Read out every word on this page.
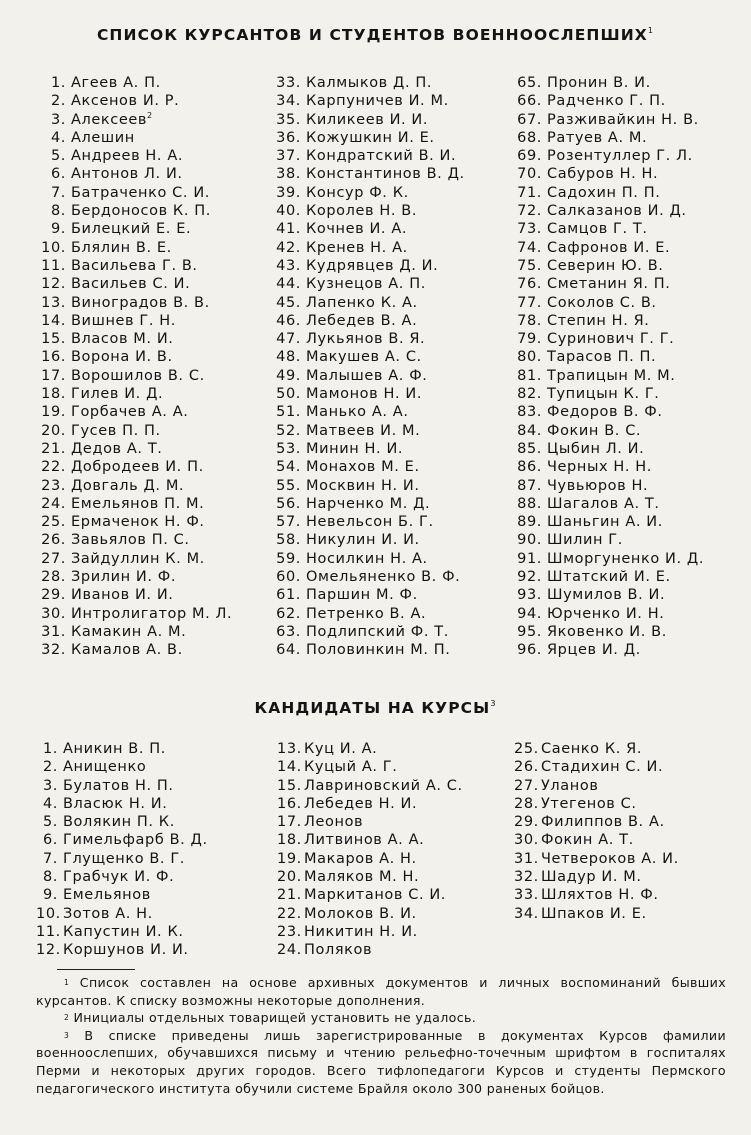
СПИСОК КУРСАНТОВ И СТУДЕНТОВ ВОЕННООСЛЕПШИХ$^1$
1. Агеев А. П.
2. Аксенов И. Р.
3. Алексеев$^2$
4. Алешин
5. Андреев Н. А.
6. Антонов Л. И.
7. Батраченко С. И.
8. Бердоносов К. П.
9. Билецкий Е. Е.
10. Блялин В. Е.
11. Васильева Г. В.
12. Васильев С. И.
13. Виноградов В. В.
14. Вишнев Г. Н.
15. Власов М. И.
16. Ворона И. В.
17. Ворошилов В. С.
18. Гилев И. Д.
19. Горбачев А. А.
20. Гусев П. П.
21. Дедов А. Т.
22. Добродеев И. П.
23. Довгаль Д. М.
24. Емельянов П. М.
25. Ермаченок Н. Ф.
26. Завьялов П. С.
27. Зайдуллин К. М.
28. Зрилин И. Ф.
29. Иванов И. И.
30. Интролигатор М. Л.
31. Камакин А. М.
32. Камалов А. В.
33. Калмыков Д. П.
34. Карпуничев И. М.
35. Киликеев И. И.
36. Кожушкин И. Е.
37. Кондратский В. И.
38. Константинов В. Д.
39. Консур Ф. К.
40. Королев Н. В.
41. Кочнев И. А.
42. Кренев Н. А.
43. Кудрявцев Д. И.
44. Кузнецов А. П.
45. Лапенко К. А.
46. Лебедев В. А.
47. Лукьянов В. Я.
48. Макушев А. С.
49. Малышев А. Ф.
50. Мамонов Н. И.
51. Манько А. А.
52. Матвеев И. М.
53. Минин Н. И.
54. Монахов М. Е.
55. Москвин Н. И.
56. Нарченко М. Д.
57. Невельсон Б. Г.
58. Никулин И. И.
59. Носилкин Н. А.
60. Омельяненко В. Ф.
61. Паршин М. Ф.
62. Петренко В. А.
63. Подлипский Ф. Т.
64. Половинкин М. П.
65. Пронин В. И.
66. Радченко Г. П.
67. Разживайкин Н. В.
68. Ратуев А. М.
69. Розентуллер Г. Л.
70. Сабуров Н. Н.
71. Садохин П. П.
72. Салказанов И. Д.
73. Самцов Г. Т.
74. Сафронов И. Е.
75. Северин Ю. В.
76. Сметанин Я. П.
77. Соколов С. В.
78. Степин Н. Я.
79. Суринович Г. Г.
80. Тарасов П. П.
81. Трапицын М. М.
82. Тупицын К. Г.
83. Федоров В. Ф.
84. Фокин В. С.
85. Цыбин Л. И.
86. Черных Н. Н.
87. Чувьюров Н.
88. Шагалов А. Т.
89. Шаньгин А. И.
90. Шилин Г.
91. Шморгуненко И. Д.
92. Штатский И. Е.
93. Шумилов В. И.
94. Юрченко И. Н.
95. Яковенко И. В.
96. Ярцев И. Д.
КАНДИДАТЫ НА КУРСЫ$^3$
1. Аникин В. П.
2. Анищенко
3. Булатов Н. П.
4. Власюк Н. И.
5. Волякин П. К.
6. Гимельфарб В. Д.
7. Глущенко В. Г.
8. Грабчук И. Ф.
9. Емельянов
10. Зотов А. Н.
11. Капустин И. К.
12. Коршунов И. И.
13. Куц И. А.
14. Куцый А. Г.
15. Лавриновский А. С.
16. Лебедев Н. И.
17. Леонов
18. Литвинов А. А.
19. Макаров А. Н.
20. Маляков М. Н.
21. Маркитанов С. И.
22. Молоков В. И.
23. Никитин Н. И.
24. Поляков
25. Саенко К. Я.
26. Стадихин С. И.
27. Уланов
28. Утегенов С.
29. Филиппов В. А.
30. Фокин А. Т.
31. Четвероков А. И.
32. Шадур И. М.
33. Шляхтов Н. Ф.
34. Шпаков И. Е.

$^1$ Список составлен на основе архивных документов и личных воспоминаний бывших курсантов. К списку возможны некоторые дополнения.

$^2$ Инициалы отдельных товарищей установить не удалось.

$^3$ В списке приведены лишь зарегистрированные в документах Курсов фамилии военноослепших, обучавшихся письму и чтению рельефно-точечным шрифтом в госпиталях Перми и некоторых других городов. Всего тифлопедагоги Курсов и студенты Пермского педагогического института обучили системе Брайля около 300 раненых бойцов.
